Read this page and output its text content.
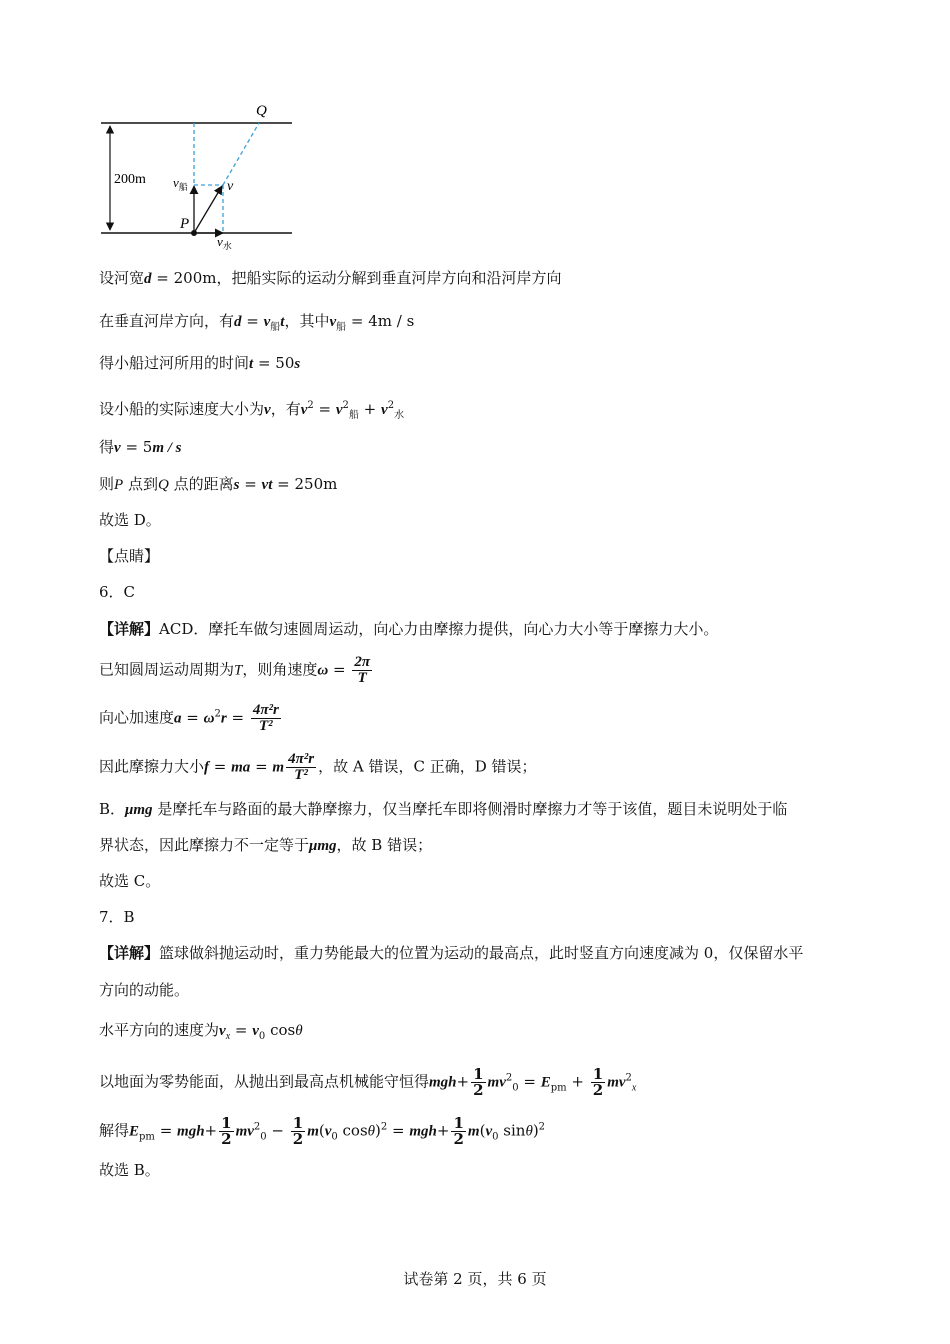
200m
Q
P
v
$v_船$
$v_水$
设河宽d = 200m，把船实际的运动分解到垂直河岸方向和沿河岸方向
在垂直河岸方向，有$d = v_船t$，其中$v_船 = 4m / s$
得小船过河所用的时间t = 50s
设小船的实际速度大小为v，有$v^2 = v^2_船 + v^2_水$
得v = 5m / s
则P 点到Q 点的距离s = vt = 250m
故选 D。
【点睛】
6．C
【详解】ACD．摩托车做匀速圆周运动，向心力由摩擦力提供，向心力大小等于摩擦力大小。
已知圆周运动周期为T，则角速度$\omega = \frac{2\pi}{T}$
向心加速度$a = \omega^2r = \frac{\text{4π²r}}{\text{T²}}$
因此摩擦力大小f = ma = m $\frac{\text{4π²r}}{\text{T²}}$ ，故 A 错误，C 正确，D 错误；
B．μmg 是摩托车与路面的最大静摩擦力，仅当摩托车即将侧滑时摩擦力才等于该值，题目未说明处于临
界状态，因此摩擦力不一定等于μmg，故 B 错误；
故选 C。
7．B
【详解】篮球做斜抛运动时，重力势能最大的位置为运动的最高点，此时竖直方向速度减为 0，仅保留水平
方向的动能。
水平方向的速度为$v_x = v_0$ cosθ
以地面为零势能面，从抛出到最高点机械能守恒得$mgh+ \frac{1}{2} mv^2_0 = E_{pm} + \frac{1}{2} mv^2_x$
解得$E_{pm} = mgh+ \frac{1}{2} mv^2_0 - \frac{1}{2} m(v_0$ $\cos\theta)^2 = mgh+ \frac{1}{2} m(v_0$ sinθ)$^2$
故选 B。
试卷第 2 页，共 6 页
